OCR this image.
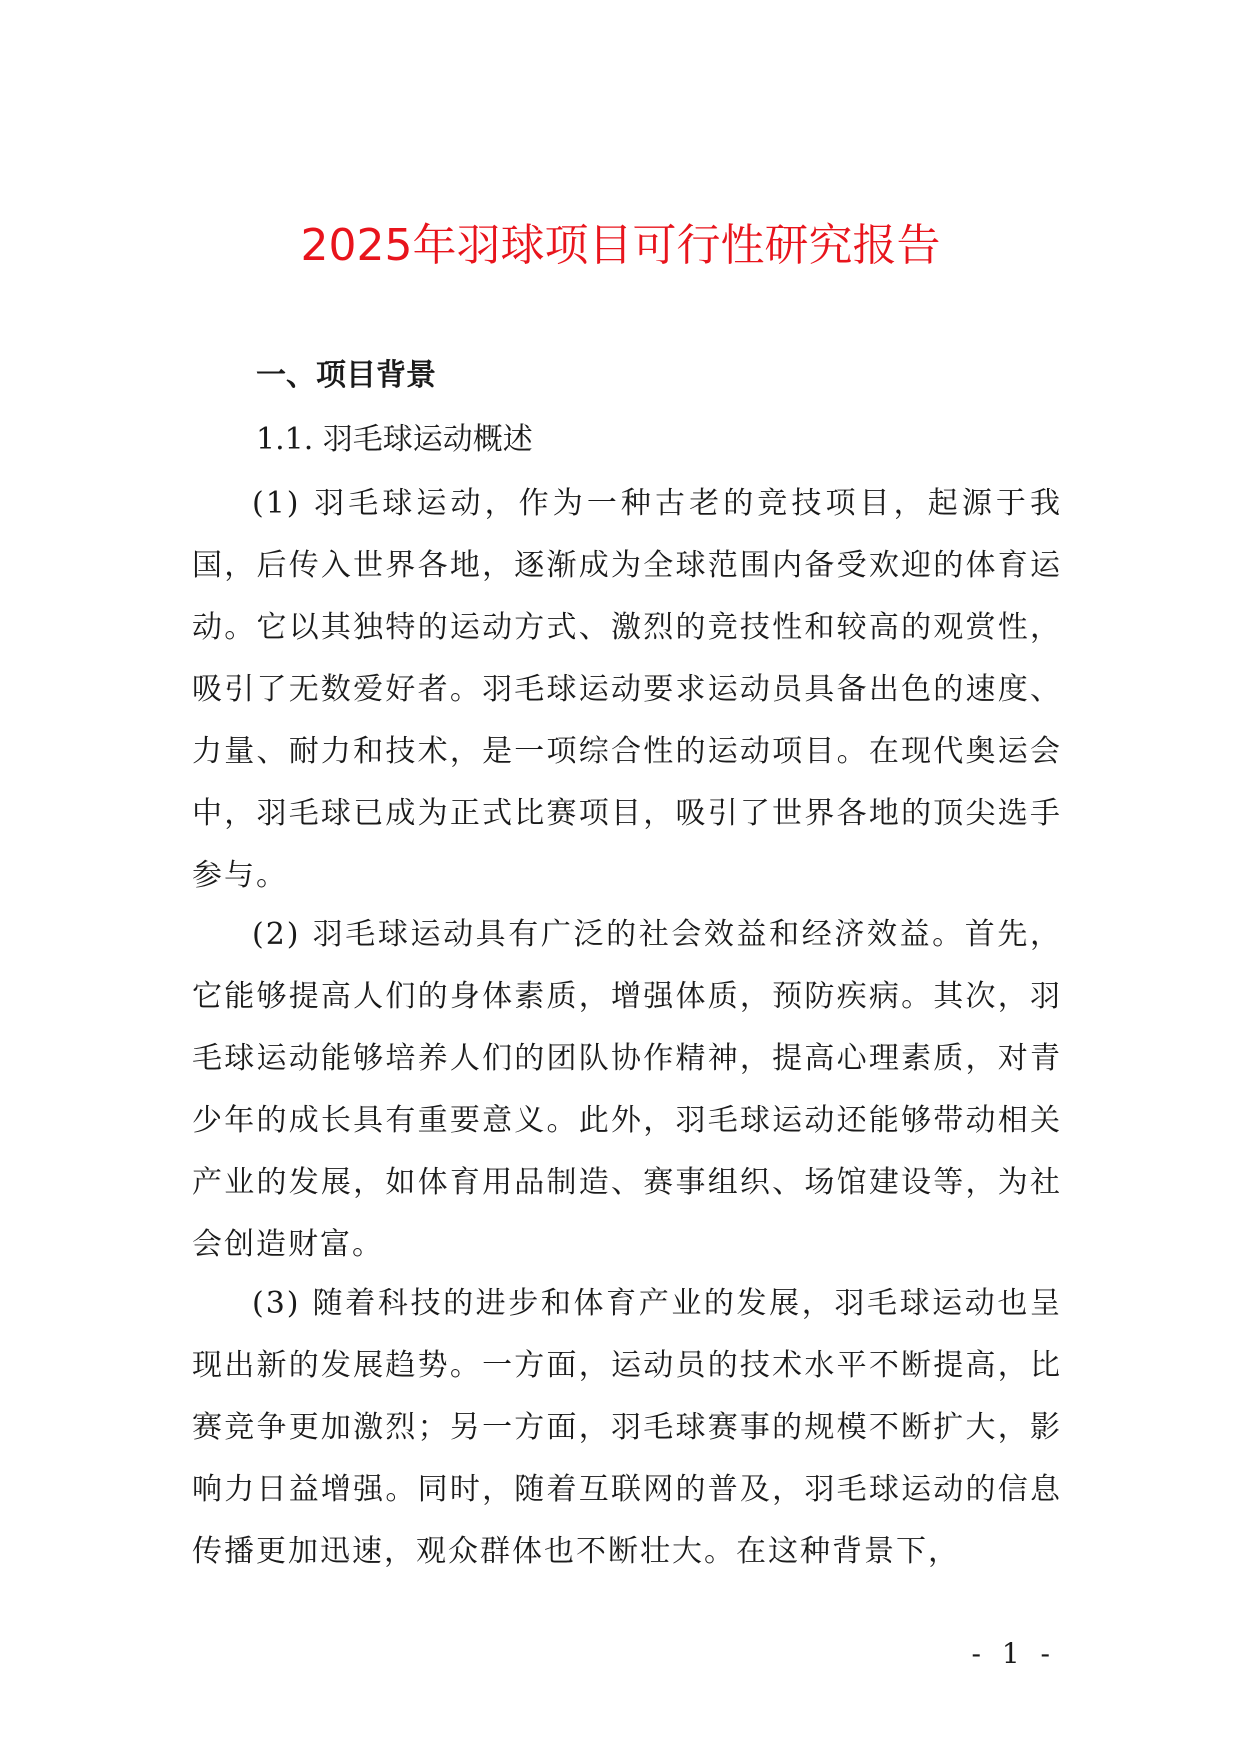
2025年羽球项目可行性研究报告
一、项目背景
1.1. 羽毛球运动概述

(1) 羽毛球运动，作为一种古老的竞技项目，起源于我国，后传入世界各地，逐渐成为全球范围内备受欢迎的体育运动。它以其独特的运动方式、激烈的竞技性和较高的观赏性，吸引了无数爱好者。羽毛球运动要求运动员具备出色的速度、力量、耐力和技术，是一项综合性的运动项目。在现代奥运会中，羽毛球已成为正式比赛项目，吸引了世界各地的顶尖选手参与。

(2) 羽毛球运动具有广泛的社会效益和经济效益。首先，它能够提高人们的身体素质，增强体质，预防疾病。其次，羽毛球运动能够培养人们的团队协作精神，提高心理素质，对青少年的成长具有重要意义。此外，羽毛球运动还能够带动相关产业的发展，如体育用品制造、赛事组织、场馆建设等，为社会创造财富。

(3) 随着科技的进步和体育产业的发展，羽毛球运动也呈现出新的发展趋势。一方面，运动员的技术水平不断提高，比赛竞争更加激烈；另一方面，羽毛球赛事的规模不断扩大，影响力日益增强。同时，随着互联网的普及，羽毛球运动的信息传播更加迅速，观众群体也不断壮大。在这种背景下，

- 1 -
